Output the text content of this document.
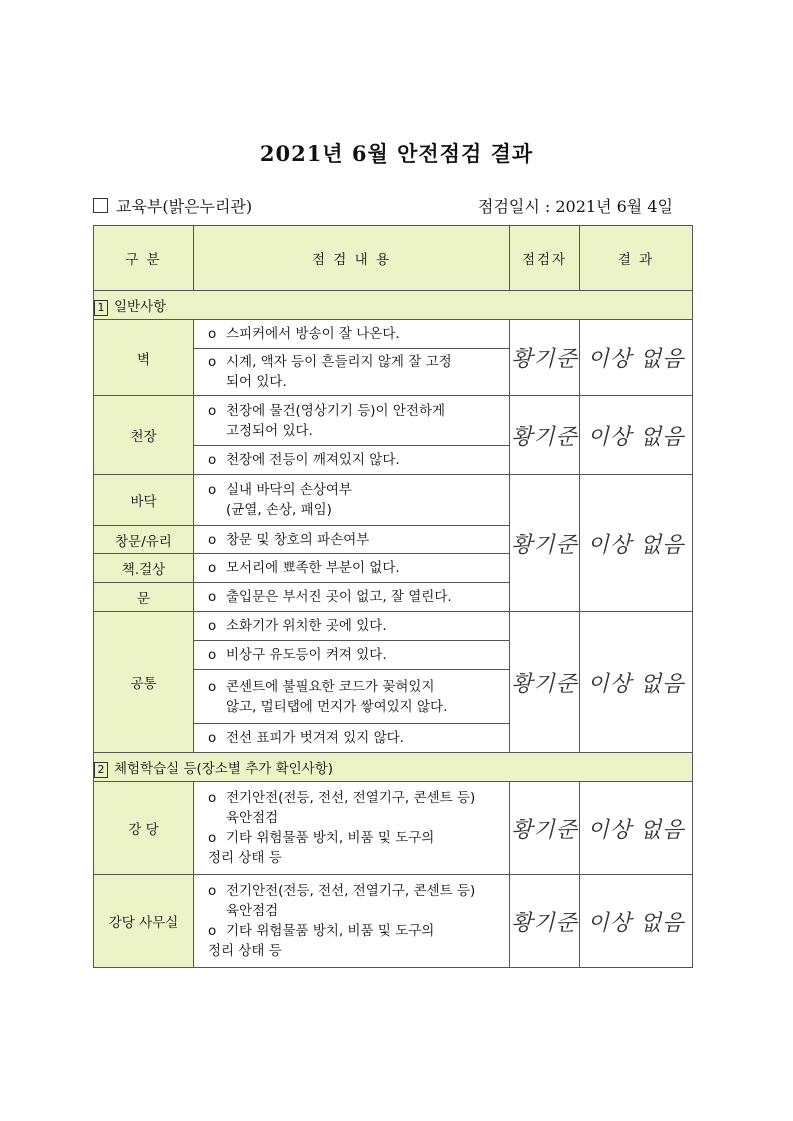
2021년 6월 안전점검 결과
교육부(밝은누리관)	점검일시 : 2021년 6월 4일
구 분	점 검 내 용	점검자	결 과
1 일반사항			
벽	o 스피커에서 방송이 잘 나온다.	황기준	이상 없음
	o 시계, 액자 등이 흔들리지 않게 잘 고정
되어 있다.		

천장	o 천장에 물건(영상기기 등)이 안전하게
고정되어 있다.	황기준	이상 없음
	o 천장에 전등이 깨져있지 않다.		
바닥	o 실내 바닥의 손상여부
(균열, 손상, 패임)	황기준	이상 없음
창문/유리	o 창문 및 창호의 파손여부		
책.걸상	o 모서리에 뾰족한 부분이 없다.		
문	o 출입문은 부서진 곳이 없고, 잘 열린다.		
공통	o 소화기가 위치한 곳에 있다.	황기준	이상 없음
	o 비상구 유도등이 켜져 있다.		
	o 콘센트에 불필요한 코드가 꽂혀있지
않고, 멀티탭에 먼지가 쌓여있지 않다.		

	o 전선 표피가 벗겨져 있지 않다.		
2 체험학습실 등(장소별 추가 확인사항)			
강 당	o 전기안전(전등, 전선, 전열기구, 콘센트 등)
육안점검
o 기타 위험물품 방치, 비품 및 도구의
정리 상태 등	황기준	이상 없음
강당 사무실	o 전기안전(전등, 전선, 전열기구, 콘센트 등)
육안점검
o 기타 위험물품 방치, 비품 및 도구의
정리 상태 등	황기준	이상 없음
